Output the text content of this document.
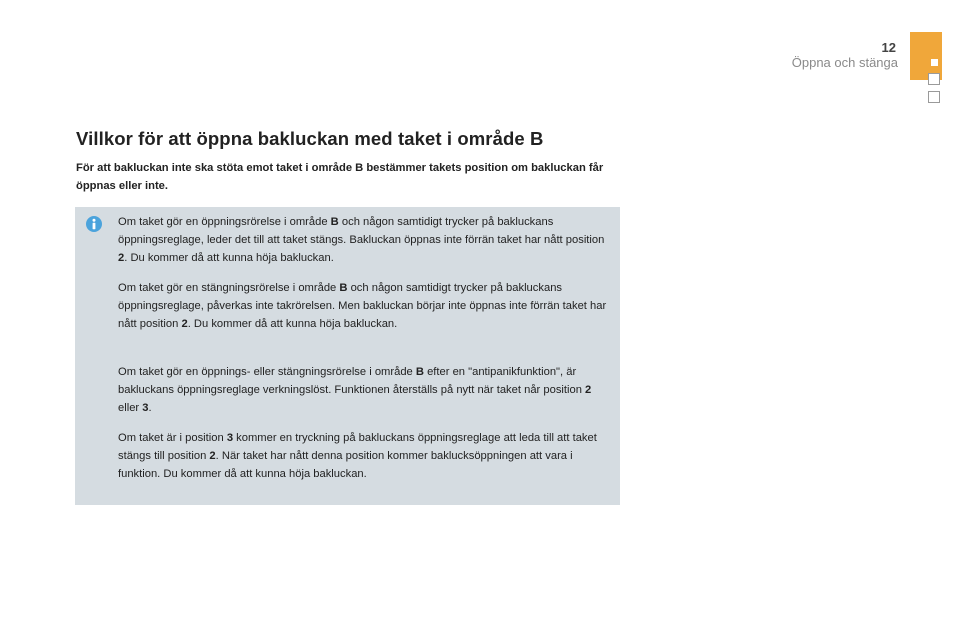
12
Öppna och stänga
Villkor för att öppna bakluckan med taket i område B

För att bakluckan inte ska stöta emot taket i område B bestämmer takets position om bakluckan får öppnas eller inte.

Om taket gör en öppningsrörelse i område B och någon samtidigt trycker på bakluckans öppningsreglage, leder det till att taket stängs. Bakluckan öppnas inte förrän taket har nått position 2. Du kommer då att kunna höja bakluckan.

Om taket gör en stängningsrörelse i område B och någon samtidigt trycker på bakluckans öppningsreglage, påverkas inte takrörelsen. Men bakluckan börjar inte öppnas inte förrän taket har nått position 2. Du kommer då att kunna höja bakluckan.

Om taket gör en öppnings- eller stängningsrörelse i område B efter en "antipanikfunktion", är bakluckans öppningsreglage verkningslöst. Funktionen återställs på nytt när taket når position 2 eller 3.

Om taket är i position 3 kommer en tryckning på bakluckans öppningsreglage att leda till att taket stängs till position 2. När taket har nått denna position kommer baklucksöppningen att vara i funktion. Du kommer då att kunna höja bakluckan.
